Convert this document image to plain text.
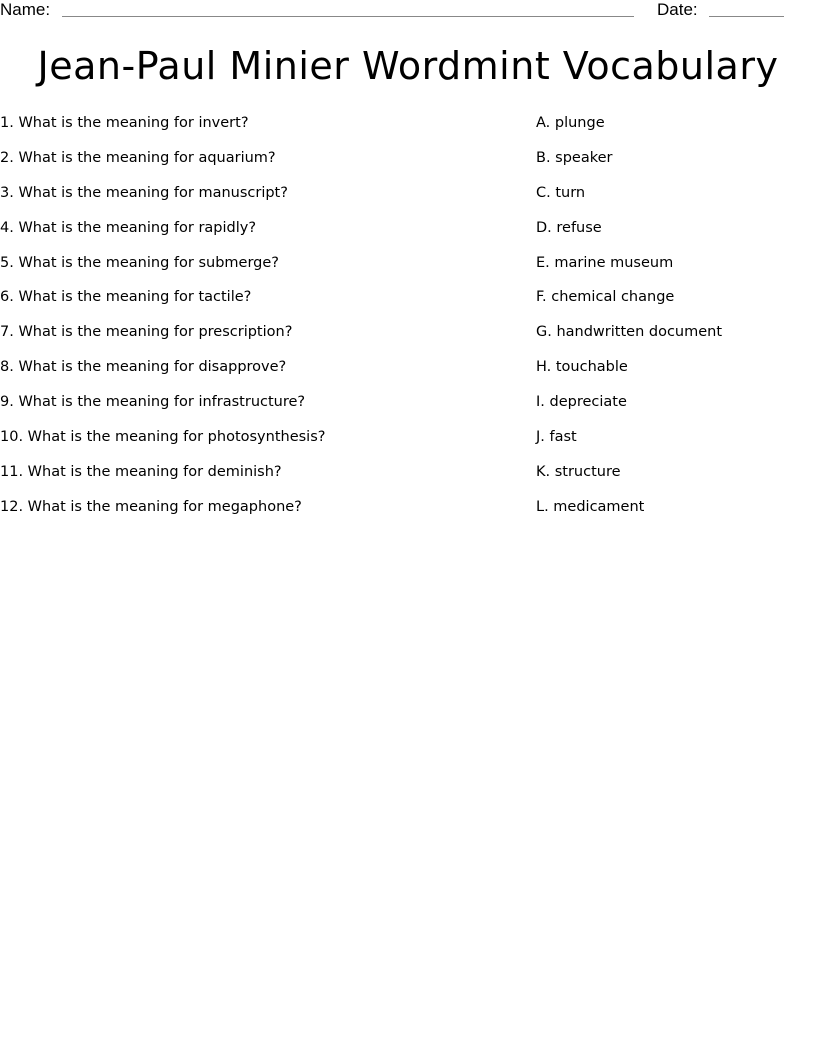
Name:	Date:
Jean-Paul Minier Wordmint Vocabulary
1. What is the meaning for invert?
2. What is the meaning for aquarium?
3. What is the meaning for manuscript?
4. What is the meaning for rapidly?
5. What is the meaning for submerge?
6. What is the meaning for tactile?
7. What is the meaning for prescription?
8. What is the meaning for disapprove?
9. What is the meaning for infrastructure?
10. What is the meaning for photosynthesis?
11. What is the meaning for deminish?
12. What is the meaning for megaphone?
A. plunge
B. speaker
C. turn
D. refuse
E. marine museum
F. chemical change
G. handwritten document
H. touchable
I. depreciate
J. fast
K. structure
L. medicament
